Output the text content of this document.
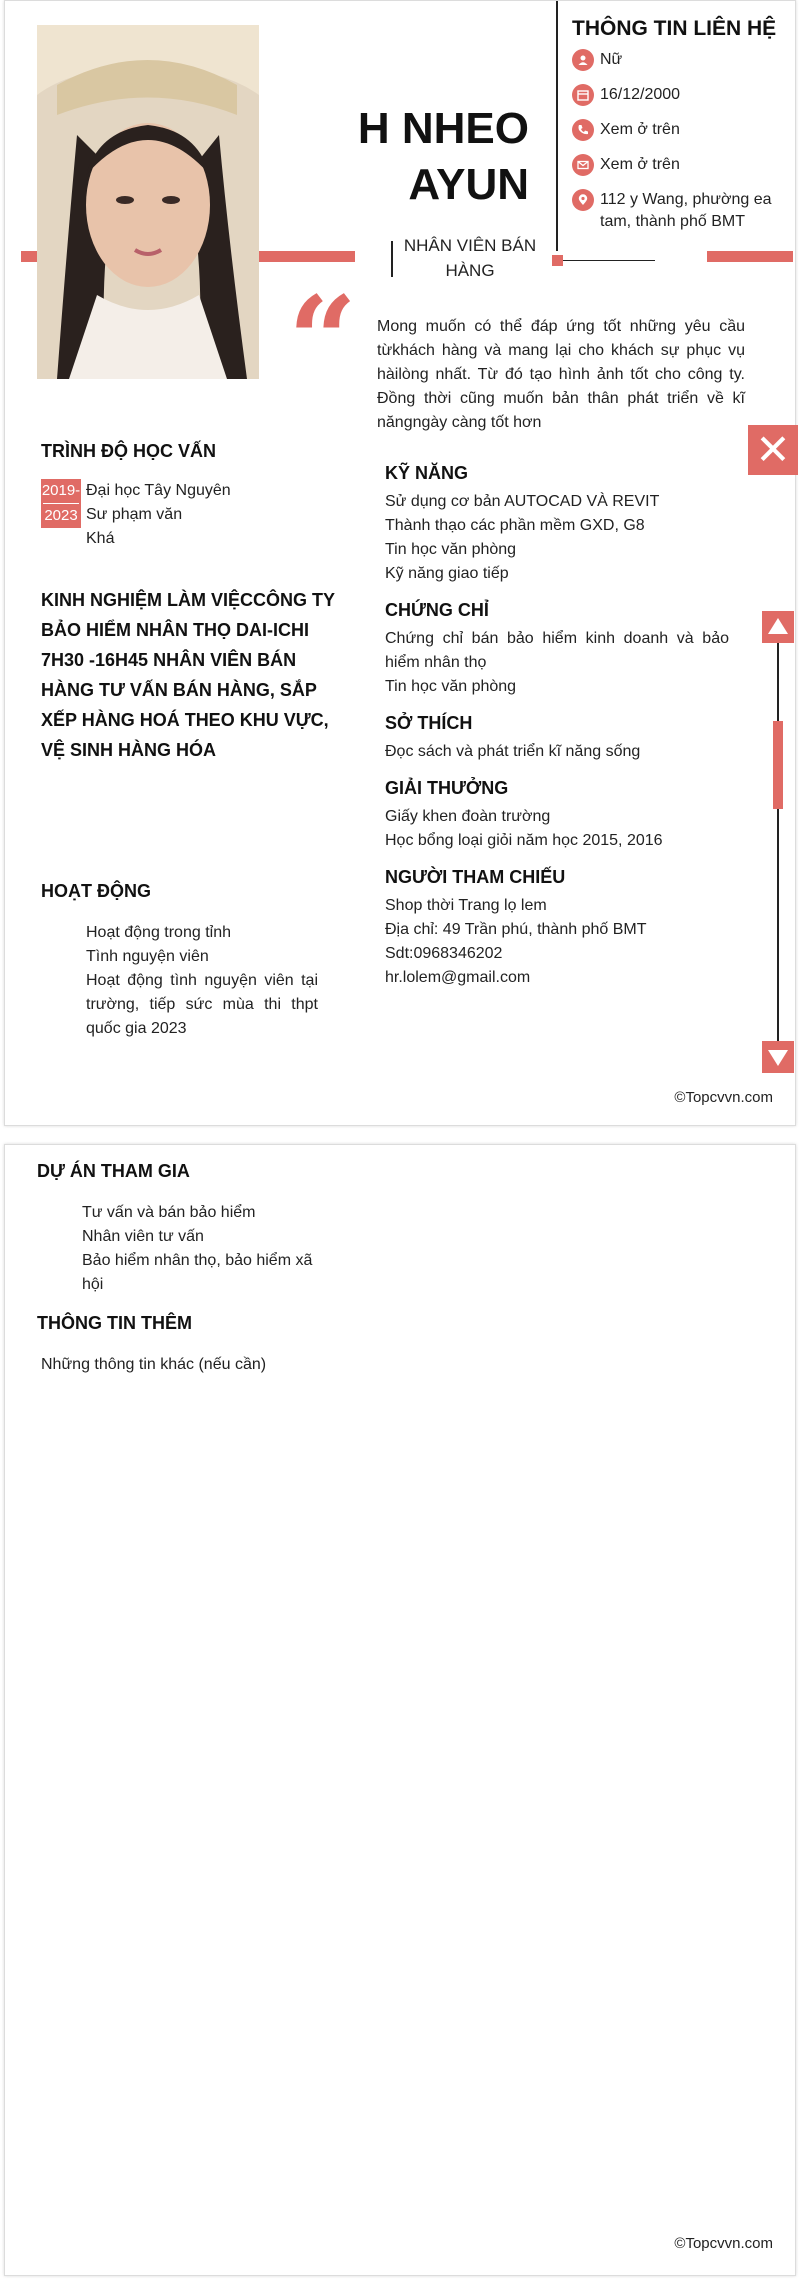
H NHEO
AYUN
THÔNG TIN LIÊN HỆ
Nữ
16/12/2000
Xem ở trên
Xem ở trên
112 y Wang, phường ea tam, thành phố BMT
NHÂN VIÊN BÁN HÀNG
“ Mong muốn có thể đáp ứng tốt những yêu cầu từkhách hàng và mang lại cho khách sự phục vụ hàilòng nhất. Từ đó tạo hình ảnh tốt cho công ty. Đồng thời cũng muốn bản thân phát triển về kĩ năngngày càng tốt hơn
✕
TRÌNH ĐỘ HỌC VẤN
2019-
2023
Đại học Tây Nguyên
Sư phạm văn
Khá
KINH NGHIỆM LÀM VIỆCCÔNG TY BẢO HIỂM NHÂN THỌ DAI-ICHI 7H30 -16H45 NHÂN VIÊN BÁN HÀNG TƯ VẤN BÁN HÀNG, SẮP XẾP HÀNG HOÁ THEO KHU VỰC, VỆ SINH HÀNG HÓA
HOẠT ĐỘNG
Hoạt động trong tỉnh
Tình nguyện viên
Hoạt động tình nguyện viên tại trường, tiếp sức mùa thi thpt quốc gia 2023
KỸ NĂNG
Sử dụng cơ bản AUTOCAD VÀ REVIT
Thành thạo các phần mềm GXD, G8
Tin học văn phòng
Kỹ năng giao tiếp
CHỨNG CHỈ
Chứng chỉ bán bảo hiểm kinh doanh và bảo hiểm nhân thọ
Tin học văn phòng
SỞ THÍCH
Đọc sách và phát triển kĩ năng sống
GIẢI THƯỞNG
Giấy khen đoàn trường
Học bổng loại giỏi năm học 2015, 2016
NGƯỜI THAM CHIẾU
Shop thời Trang lọ lem
Địa chỉ: 49 Trần phú, thành phố BMT
Sdt:0968346202
hr.lolem@gmail.com
©Topcvvn.com
DỰ ÁN THAM GIA
Tư vấn và bán bảo hiểm
Nhân viên tư vấn
Bảo hiểm nhân thọ, bảo hiểm xã hội
THÔNG TIN THÊM
Những thông tin khác (nếu cần)
©Topcvvn.com
